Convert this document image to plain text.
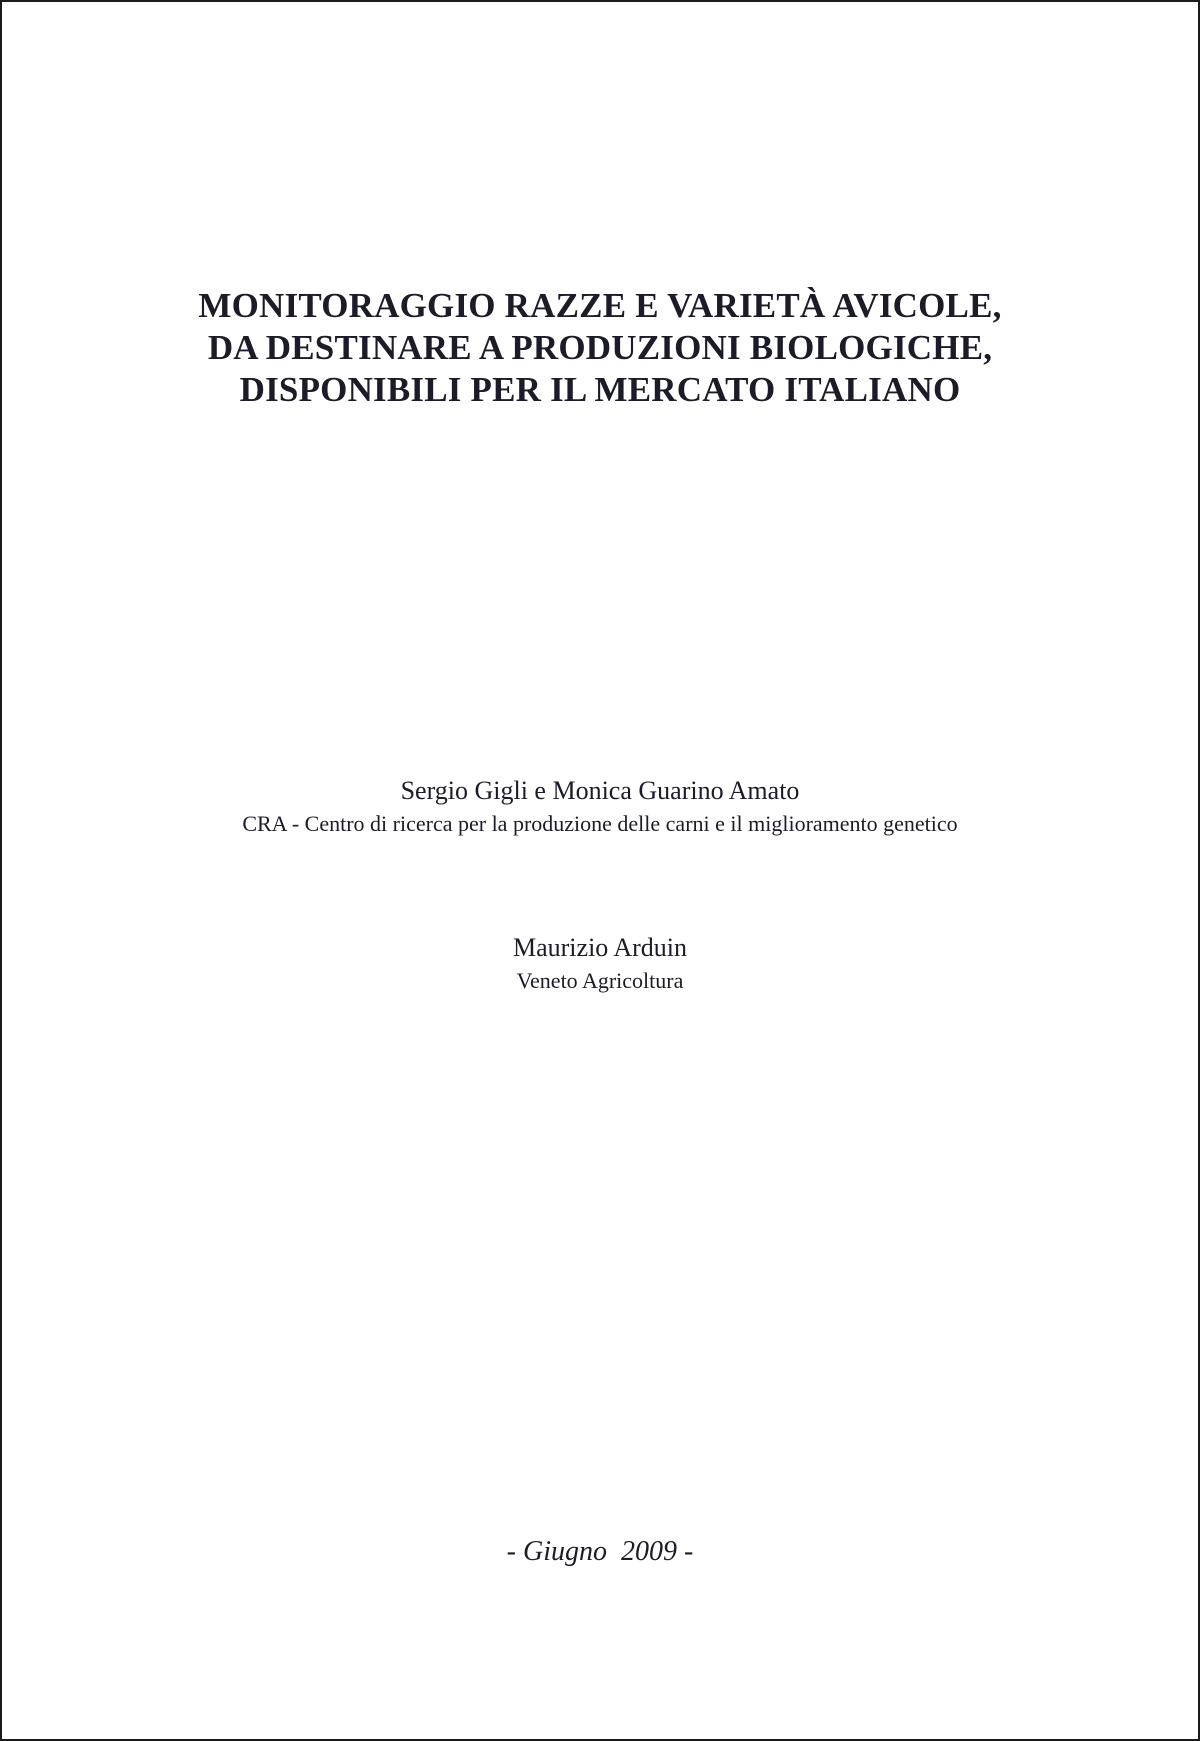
MONITORAGGIO RAZZE E VARIETÀ AVICOLE,
DA DESTINARE A PRODUZIONI BIOLOGICHE,
DISPONIBILI PER IL MERCATO ITALIANO

Sergio Gigli e Monica Guarino Amato

CRA - Centro di ricerca per la produzione delle carni e il miglioramento genetico

Maurizio Arduin

Veneto Agricoltura

- Giugno  2009 -
